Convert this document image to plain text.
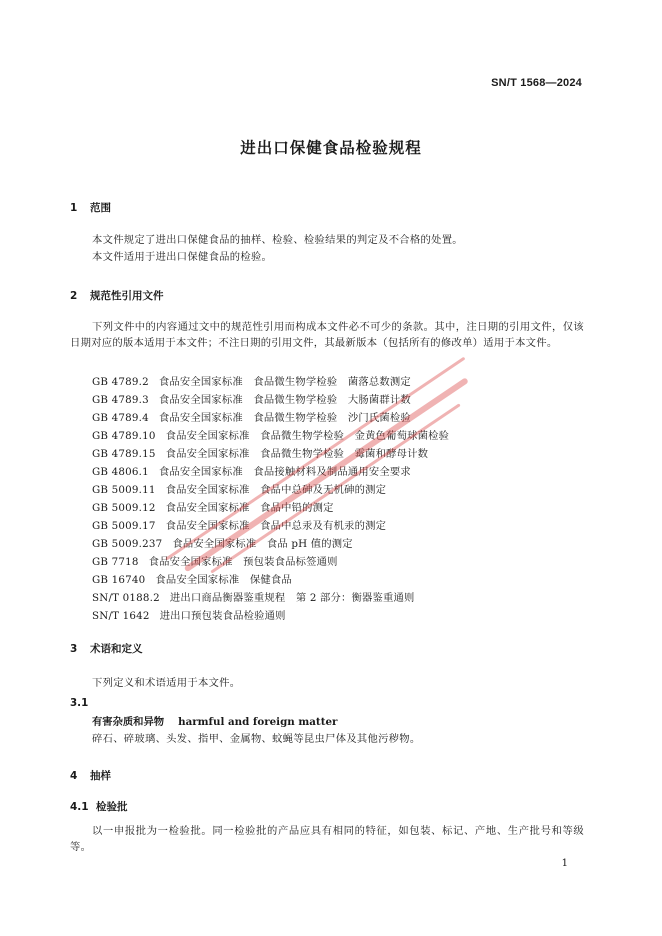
SN/T 1568—2024
进出口保健食品检验规程
1 范围
本文件规定了进出口保健食品的抽样、检验、检验结果的判定及不合格的处置。
本文件适用于进出口保健食品的检验。
2 规范性引用文件
下列文件中的内容通过文中的规范性引用而构成本文件必不可少的条款。其中，注日期的引用文件，仅该日期对应的版本适用于本文件；不注日期的引用文件，其最新版本（包括所有的修改单）适用于本文件。
GB 4789.2 食品安全国家标准　食品微生物学检验　菌落总数测定
GB 4789.3 食品安全国家标准　食品微生物学检验　大肠菌群计数
GB 4789.4 食品安全国家标准　食品微生物学检验　沙门氏菌检验
GB 4789.10 食品安全国家标准　食品微生物学检验　金黄色葡萄球菌检验
GB 4789.15 食品安全国家标准　食品微生物学检验　霉菌和酵母计数
GB 4806.1 食品安全国家标准　食品接触材料及制品通用安全要求
GB 5009.11 食品安全国家标准　食品中总砷及无机砷的测定
GB 5009.12 食品安全国家标准　食品中铅的测定
GB 5009.17 食品安全国家标准　食品中总汞及有机汞的测定
GB 5009.237 食品安全国家标准　食品 pH 值的测定
GB 7718 食品安全国家标准　预包装食品标签通则
GB 16740 食品安全国家标准　保健食品
SN/T 0188.2 进出口商品衡器鉴重规程　第 2 部分：衡器鉴重通则
SN/T 1642 进出口预包装食品检验通则
3 术语和定义
下列定义和术语适用于本文件。
3.1
有害杂质和异物 harmful and foreign matter
碎石、碎玻璃、头发、指甲、金属物、蚊蝇等昆虫尸体及其他污秽物。
4 抽样
4.1 检验批
以一申报批为一检验批。同一检验批的产品应具有相同的特征，如包装、标记、产地、生产批号和等级等。
1
